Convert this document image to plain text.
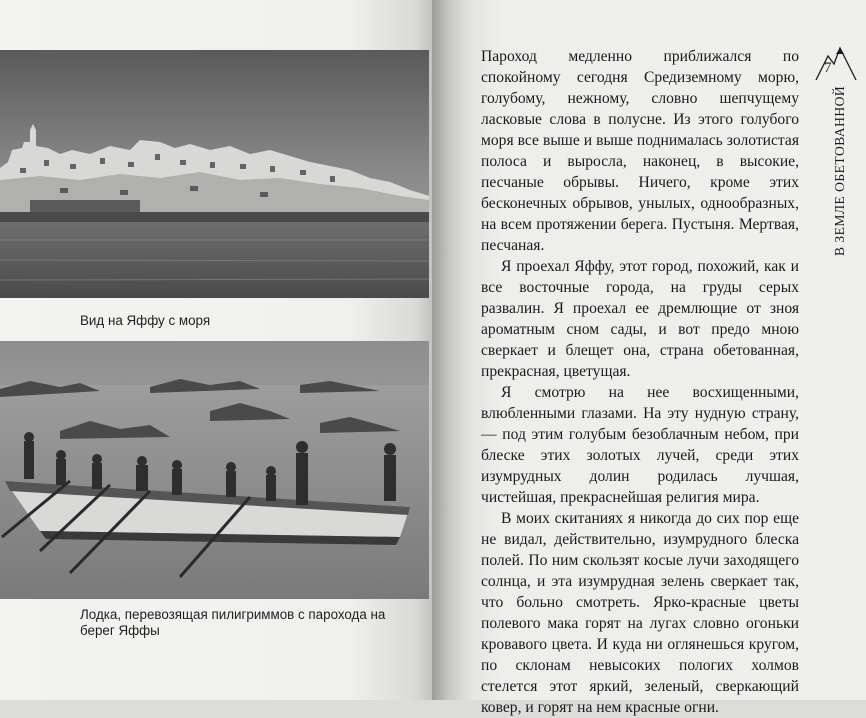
Вид на Яффу с моря
Лодка, перевозящая пилигриммов с парохода на берег Яффы

Пароход медленно приближался по спокойному сегодня Средиземному морю, голубому, нежному, словно шепчущему ласковые слова в полусне. Из этого голубого моря все выше и выше поднималась золотистая полоса и выросла, наконец, в высокие, песчаные обрывы. Ничего, кроме этих бесконечных обрывов, унылых, однообразных, на всем протяжении берега. Пустыня. Мертвая, песчаная.

Я проехал Яффу, этот город, похожий, как и все восточные города, на груды серых развалин. Я проехал ее дремлющие от зноя ароматным сном сады, и вот предо мною сверкает и блещет она, страна обетованная, прекрасная, цветущая.

Я смотрю на нее восхищенными, влюбленными глазами. На эту нудную страну, — под этим голубым безоблачным небом, при блеске этих золотых лучей, среди этих изумрудных долин родилась лучшая, чистейшая, прекраснейшая религия мира.

В моих скитаниях я никогда до сих пор еще не видал, действительно, изумрудного блеска полей. По ним скользят косые лучи заходящего солнца, и эта изумрудная зелень сверкает так, что больно смотреть. Ярко-красные цветы полевого мака горят на лугах словно огоньки кровавого цвета. И куда ни оглянешься кругом, по склонам невысоких пологих холмов стелется этот яркий, зеленый, сверкающий ковер, и горят на нем красные огни.

7
В ЗЕМЛЕ ОБЕТОВАННОЙ
